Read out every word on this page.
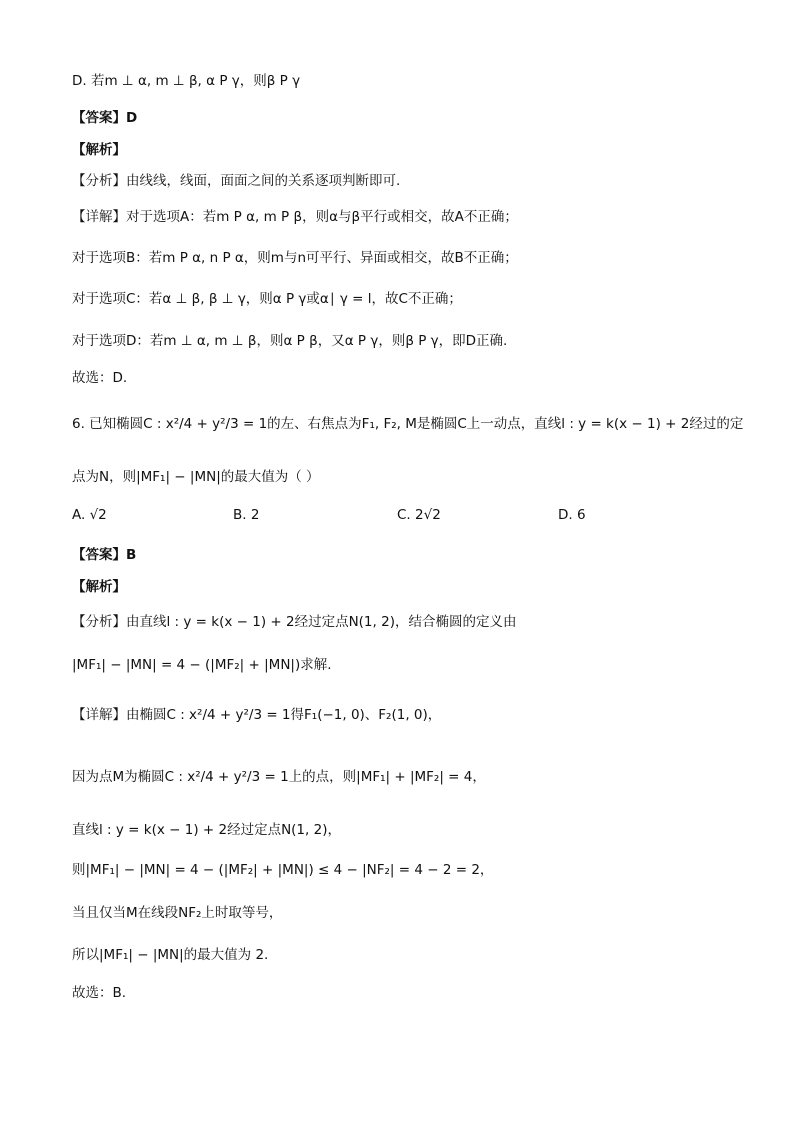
D. 若m ⊥ α, m ⊥ β, α P γ，则β P γ
【答案】D
【解析】
【分析】由线线，线面，面面之间的关系逐项判断即可.
【详解】对于选项A：若m P α, m P β，则α与β平行或相交，故A不正确；
对于选项B：若m P α, n P α，则m与n可平行、异面或相交，故B不正确；
对于选项C：若α ⊥ β, β ⊥ γ，则α P γ或α∣ γ = l，故C不正确；
对于选项D：若m ⊥ α, m ⊥ β，则α P β，又α P γ，则β P γ，即D正确.
故选：D.
6. 已知椭圆C : x²/4 + y²/3 = 1的左、右焦点为F₁, F₂, M是椭圆C上一动点，直线l : y = k(x − 1) + 2经过的定
点为N，则|MF₁| − |MN|的最大值为（ ）
A. √2	B. 2	C. 2√2	D. 6
【答案】B
【解析】
【分析】由直线l : y = k(x − 1) + 2经过定点N(1, 2)，结合椭圆的定义由
|MF₁| − |MN| = 4 − (|MF₂| + |MN|)求解.
【详解】由椭圆C : x²/4 + y²/3 = 1得F₁(−1, 0)、F₂(1, 0)，
因为点M为椭圆C : x²/4 + y²/3 = 1上的点，则|MF₁| + |MF₂| = 4，
直线l : y = k(x − 1) + 2经过定点N(1, 2)，
则|MF₁| − |MN| = 4 − (|MF₂| + |MN|) ≤ 4 − |NF₂| = 4 − 2 = 2，
当且仅当M在线段NF₂上时取等号，
所以|MF₁| − |MN|的最大值为 2.
故选：B.
